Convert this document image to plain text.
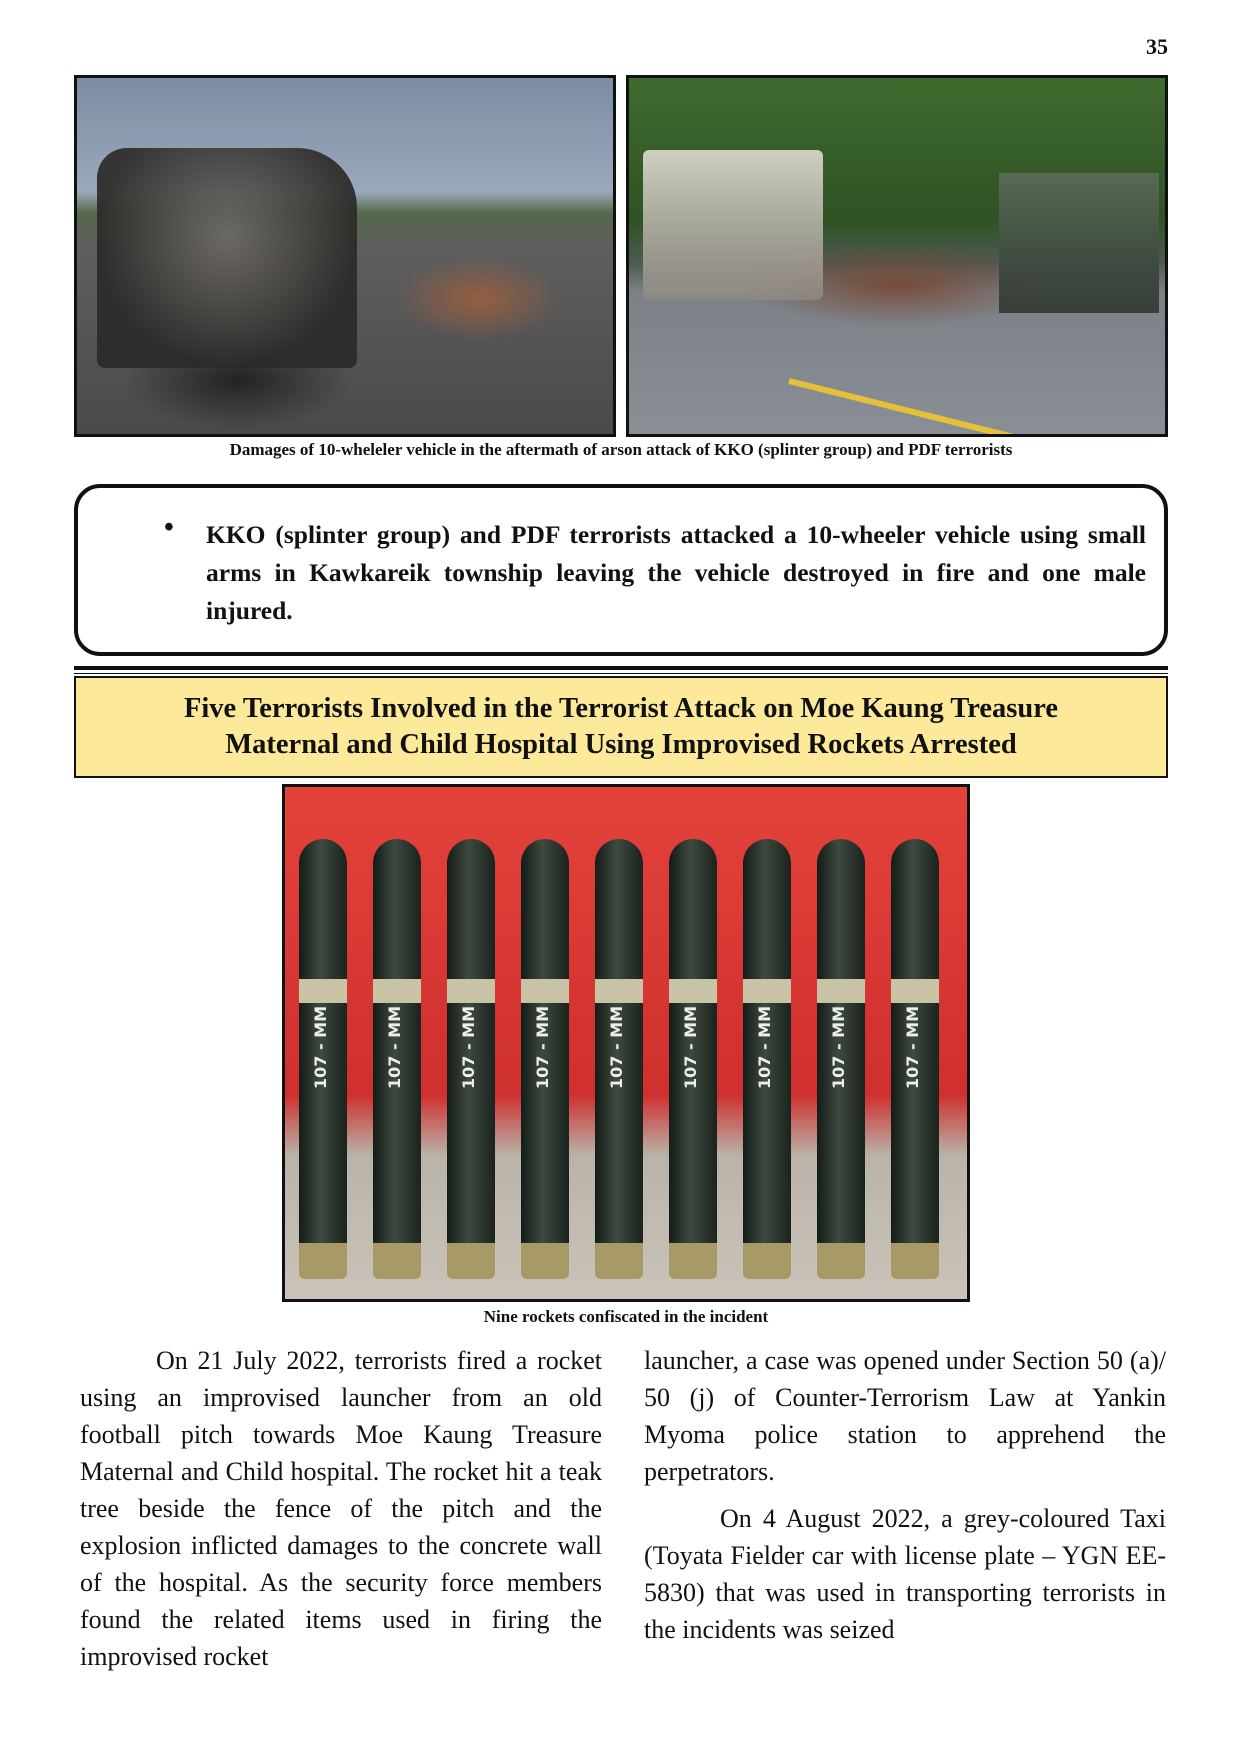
35
Damages of 10-wheleler vehicle in the aftermath of arson attack of KKO (splinter group) and PDF terrorists
• KKO (splinter group) and PDF terrorists attacked a 10-wheeler vehicle using small arms in Kawkareik township leaving the vehicle destroyed in fire and one male injured.
Five Terrorists Involved in the Terrorist Attack on Moe Kaung Treasure
Maternal and Child Hospital Using Improvised Rockets Arrested
107 - MM	107 - MM	107 - MM	107 - MM	107 - MM	107 - MM	107 - MM	107 - MM	107 - MM
Nine rockets confiscated in the incident

On 21 July 2022, terrorists fired a rocket using an improvised launcher from an old football pitch towards Moe Kaung Treasure Maternal and Child hospital. The rocket hit a teak tree beside the fence of the pitch and the explosion inflicted damages to the concrete wall of the hospital. As the security force members found the related items used in firing the improvised rocket

launcher, a case was opened under Section 50 (a)/ 50 (j) of Counter-Terrorism Law at Yankin Myoma police station to apprehend the perpetrators.

On 4 August 2022, a grey-coloured Taxi (Toyata Fielder car with license plate – YGN EE-5830) that was used in transporting terrorists in the incidents was seized
